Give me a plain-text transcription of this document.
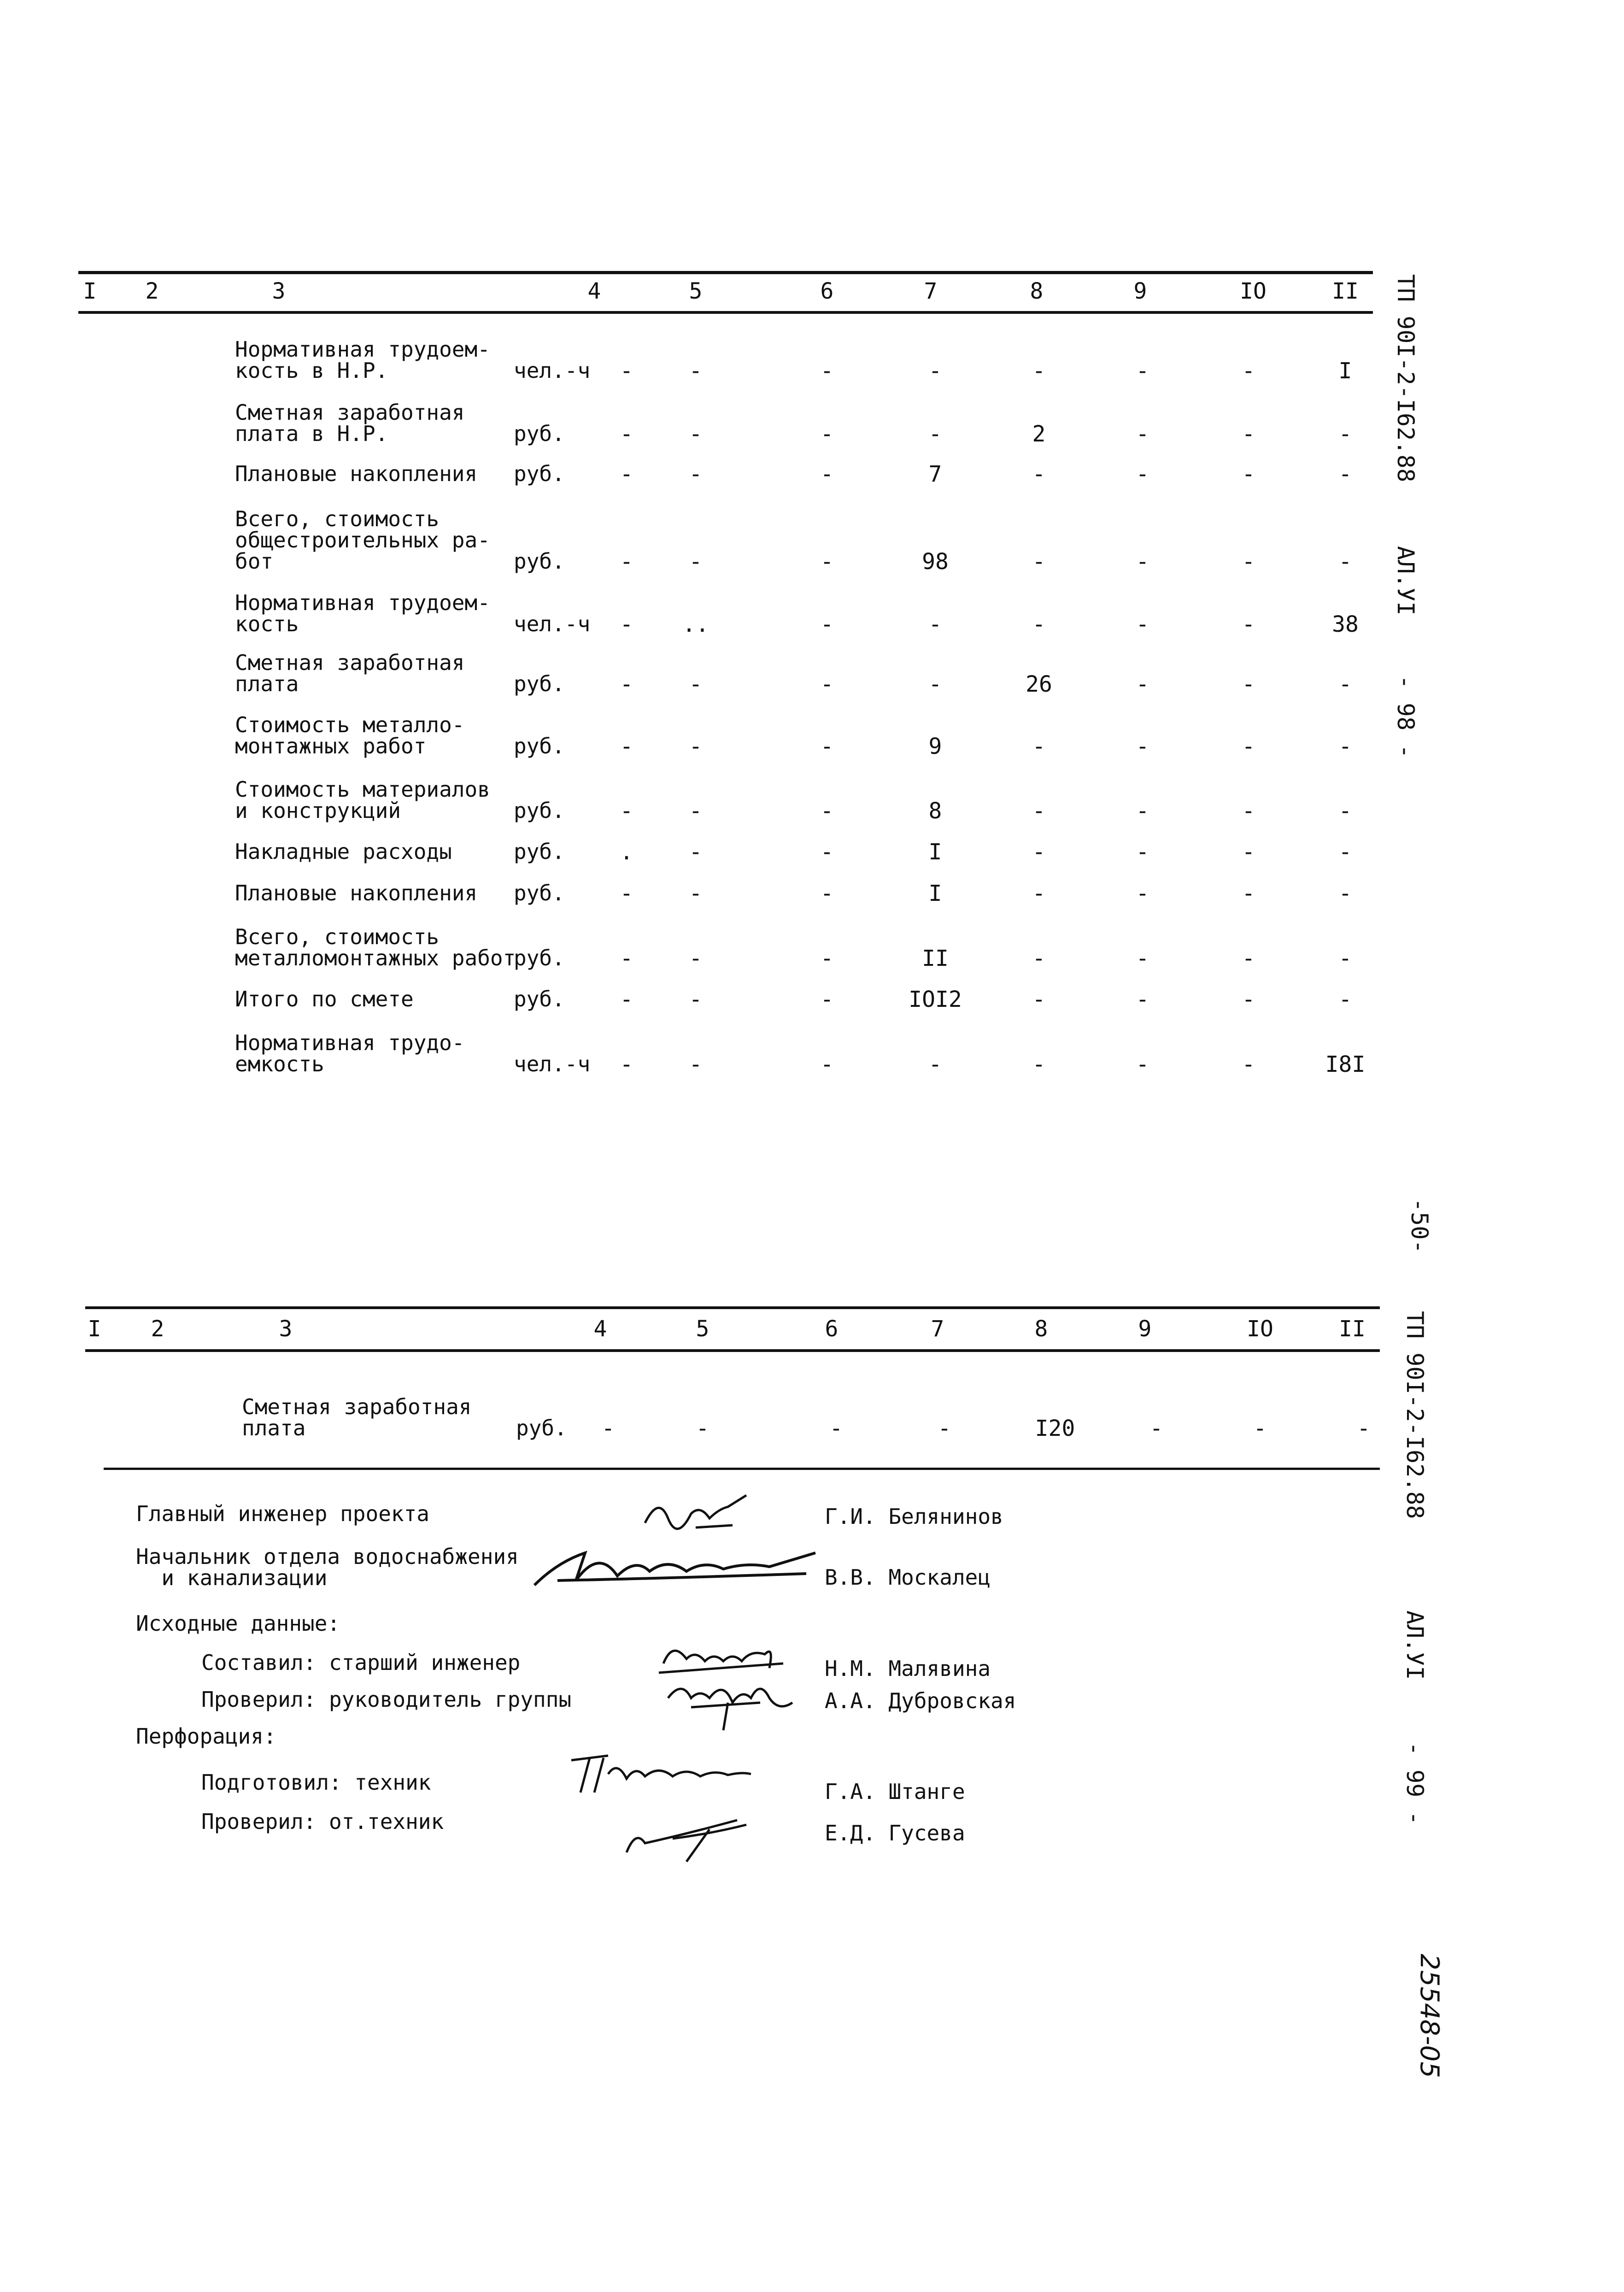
I 2	3	4	5	6	7	8	9	IO	II
Нормативная трудоем-
кость в Н.Р.	чел.-ч	-	-	-	-	-	-	-	I
Сметная заработная
плата в Н.Р.	руб.	-	-	-	-	2	-	-	-
Плановые накопления руб.	-	-	-	7	-	-	-	-
Всего, стоимость
общестроительных ра-
бот	руб.	-	-	-	98	-	-	-	-
Нормативная трудоем-
кость	чел.-ч	-	..	-	-	-	-	-	38
Сметная заработная
плата	руб.	-	-	-	-	26	-	-	-
Стоимость металло-
монтажных работ	руб.	-	-	-	9	-	-	-	-
Стоимость материалов
и конструкций	руб.	-	-	-	8	-	-	-	-
Накладные расходы	руб.	.	-	-	I	-	-	-	-
Плановые накопления руб.	-	-	-	I	-	-	-	-
Всего, стоимость
металломонтажных работ
руб.	-	-	-	II	-	-	-	-
Итого по смете	руб.	-	-	-	IOI2	-	-	-	-
Нормативная трудо-
емкость	чел.-ч	-	-	-	-	-	-	-	I8I
I 2	3	4	5	6	7	8	9	IO	II
Сметная заработная
плата	руб.	-	-	-	-	I20	-	-	-
Главный инженер проекта	Г.И. Белянинов
Начальник отдела водоснабжения
и канализации	В.В. Москалец
Исходные данные:
Составил: старший инженер	Н.М. Малявина
Проверил: руководитель группы	А.А. Дубровская
Перфорация:
Подготовил: техник	Г.А. Штанге
Проверил: от.техник	Е.Д. Гусева
ТП 90I-2-I62.88
АЛ.УI
- 98 -
-50-
ТП 90I-2-I62.88
АЛ.УI
- 99 -
25548-05
